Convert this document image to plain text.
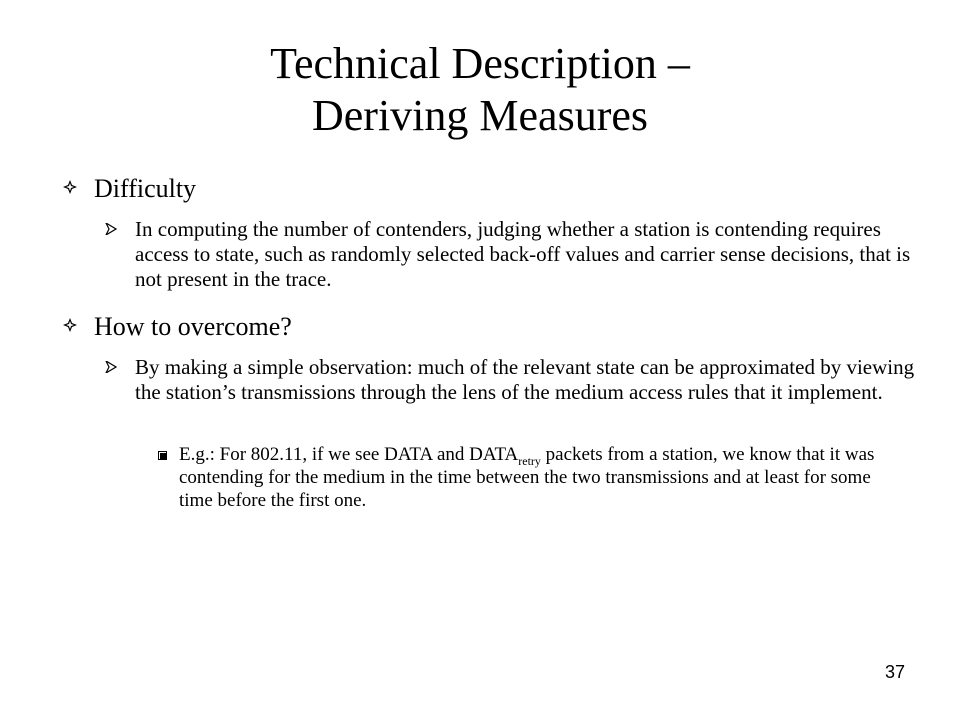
Technical Description –
Deriving Measures
Difficulty
In computing the number of contenders, judging whether a station is contending requires access to state, such as randomly selected back-off values and carrier sense decisions, that is not present in the trace.
How to overcome?
By making a simple observation: much of the relevant state can be approximated by viewing the station’s transmissions through the lens of the medium access rules that it implement.
E.g.: For 802.11, if we see DATA and $DATA_{retry}$ packets from a station, we know that it was contending for the medium in the time between the two transmissions and at least for some time before the first one.
37
